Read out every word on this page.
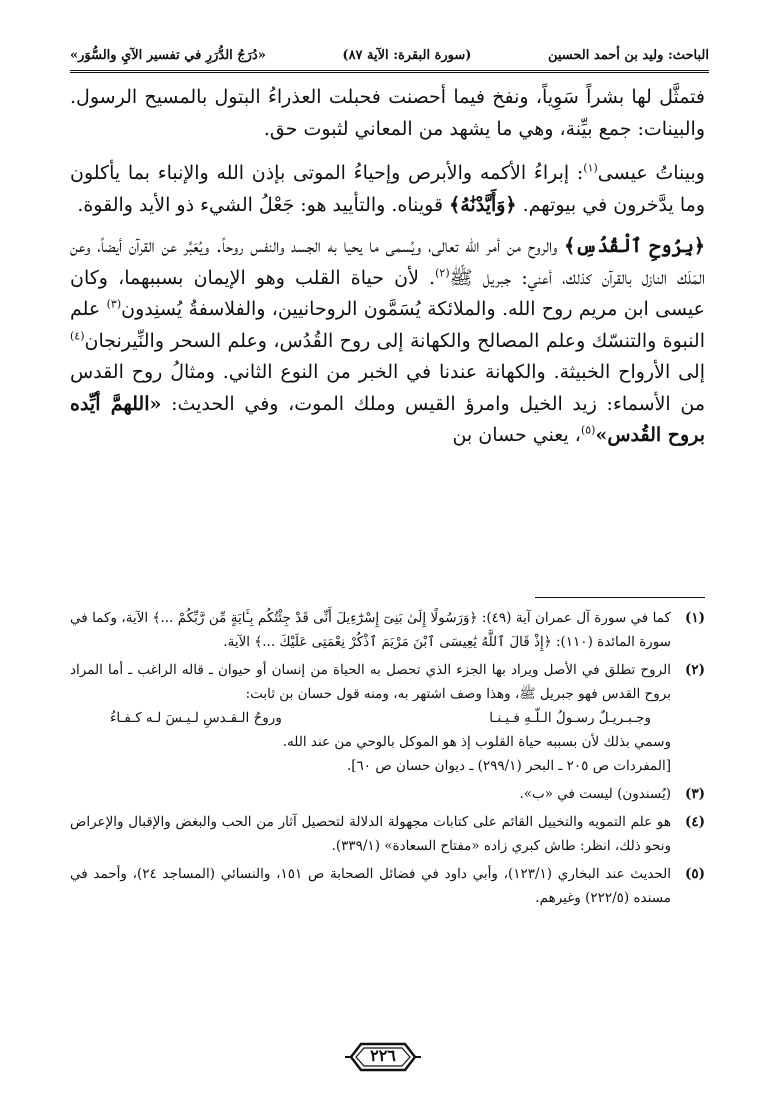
الباحث: وليد بن أحمد الحسين
(سورة البقرة: الآية ٨٧)
«دُرَجُ الدُّرَرِ في تفسير الآيِ والسُّوَر»

فتمثَّل لها بشراً سَوِياً، ونفخ فيما أحصنت فحبلت العذراءُ البتول بالمسيح الرسول. والبينات: جمع بيِّنة، وهي ما يشهد من المعاني لثبوت حق.

وبيناتُ عيسى$^{(١)}$: إبراءُ الأكمه والأبرص وإحياءُ الموتى بإذن الله والإنباء بما يأكلون وما يدَّخرون في بيوتهم. ﴿وَأَيَّدْنَٰهُ﴾ قويناه. والتأييد هو: جَعْلُ الشيء ذو الأيد والقوة.

﴿بِرُوحِ ٱلْقُدُسِ﴾ والروح من أمر الله تعالى، ويُسمى ما يحيا به الجسد والنفس روحاً. ويُعَبَّر عن القرآن أيضاً، وعن المَلَك النازل بالقرآن كذلك، أعني: جبريل ﷺ$^{(٢)}$. لأن حياة القلب وهو الإيمان بسببهما، وكان عيسى ابن مريم روح الله. والملائكة يُسَمَّون الروحانيين، والفلاسفةُ يُسنِدون$^{(٣)}$ علم النبوة والتنسّك وعلم المصالح والكهانة إلى روح القُدُس، وعلم السحر والنِّيرنجان$^{(٤)}$ إلى الأرواح الخبيثة. والكهانة عندنا في الخبر من النوع الثاني. ومثالُ روح القدس من الأسماء: زيد الخيل وامرؤ القيس وملك الموت، وفي الحديث: «اللهمَّ أيِّده بروح القُدس»$^{(٥)}$، يعني حسان بن

(١)
كما في سورة آل عمران آية (٤٩): ﴿وَرَسُولًا إِلَىٰ بَنِىٓ إِسْرَٰٓءِيلَ أَنِّى قَدْ جِئْتُكُم بِـَٔايَةٍ مِّن رَّبِّكُمْ ...﴾ الآية، وكما في سورة المائدة (١١٠): ﴿إِذْ قَالَ ٱللَّهُ يَٰعِيسَى ٱبْنَ مَرْيَمَ ٱذْكُرْ نِعْمَتِى عَلَيْكَ ...﴾ الآية.
(٢)
الروح تطلق في الأصل ويراد بها الجزء الذي تحصل به الحياة من إنسان أو حيوان ـ قاله الراغب ـ أما المراد بروح القدس فهو جبريل ﷺ، وهذا وصف اشتهر به، ومنه قول حسان بن ثابت:
وجـبـريـلٌ رسـولُ الـلّـهِ فـيـنـا
وروحُ الـقـدسِ لـيـسَ لـه كـفـاءُ
وسمي بذلك لأن بسببه حياة القلوب إذ هو الموكل بالوحي من عند الله.
[المفردات ص ٢٠٥ ـ البحر (٢٩٩/١) ـ ديوان حسان ص ٦٠].
(٣)
(يُسندون) ليست في «ب».
(٤)
هو علم التمويه والتخييل القائم على كتابات مجهولة الدلالة لتحصيل آثار من الحب والبغض والإقبال والإعراض ونحو ذلك، انظر: طاش كبري زاده «مفتاح السعادة» (٣٣٩/١).
(٥)
الحديث عند البخاري (١٢٣/١)، وأبي داود في فضائل الصحابة ص ١٥١، والنسائي (المساجد ٢٤)، وأحمد في مسنده (٢٢٢/٥) وغيرهم.
٢٢٦
